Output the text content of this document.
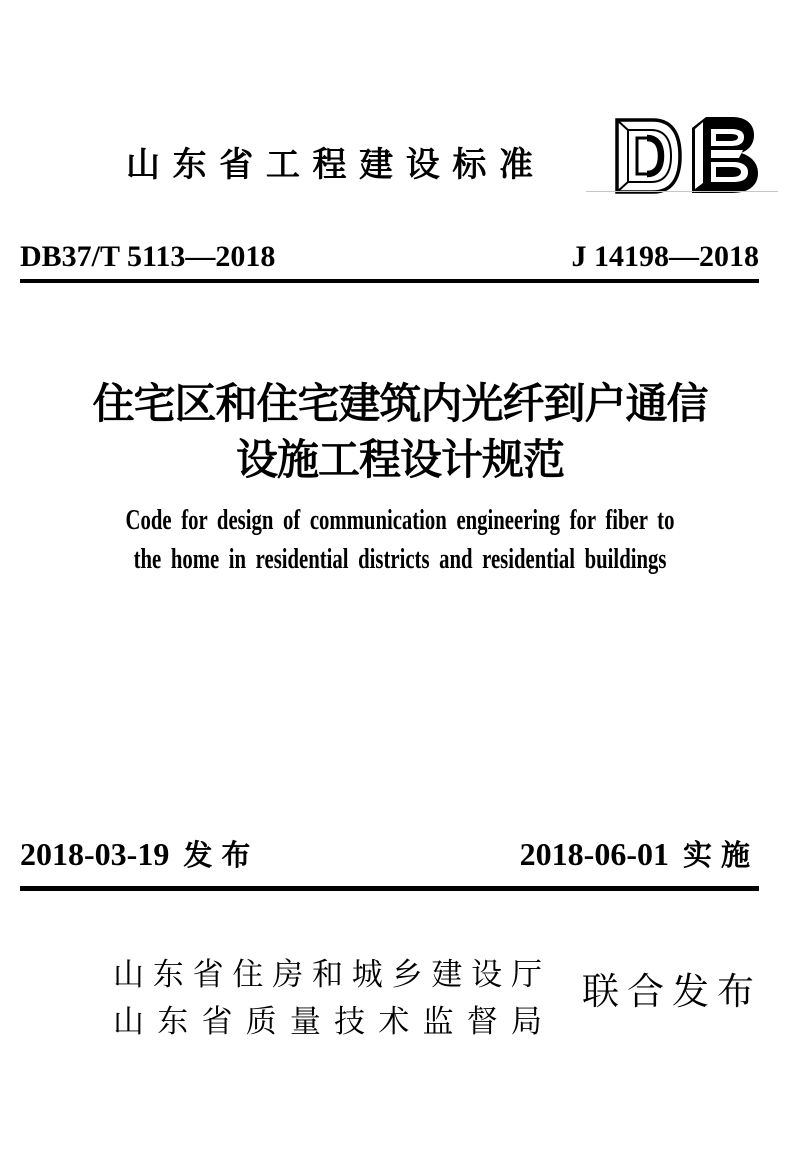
山 东 省 工 程 建 设 标 准
DB37/T 5113—2018	J 14198—2018
住宅区和住宅建筑内光纤到户通信
设施工程设计规范
Code for design of communication engineering for fiber to
the home in residential districts and residential buildings
2018-03-19 发布	2018-06-01 实施
山 东 省 住 房 和 城 乡 建 设 厅
山 东 省 质 量 技 术 监 督 局
联 合 发 布
